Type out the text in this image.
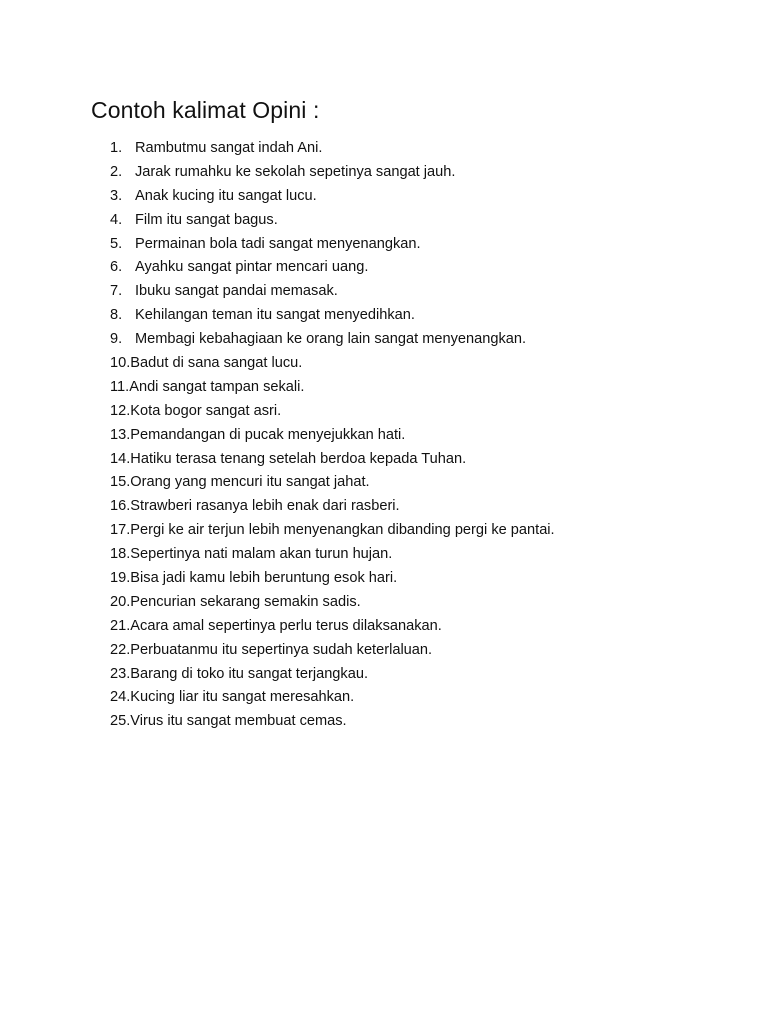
Contoh kalimat Opini :
1. Rambutmu sangat indah Ani.
2. Jarak rumahku ke sekolah sepetinya sangat jauh.
3. Anak kucing itu sangat lucu.
4. Film itu sangat bagus.
5. Permainan bola tadi sangat menyenangkan.
6. Ayahku sangat pintar mencari uang.
7. Ibuku sangat pandai memasak.
8. Kehilangan teman itu sangat menyedihkan.
9. Membagi kebahagiaan ke orang lain sangat menyenangkan.
10. Badut di sana sangat lucu.
11. Andi sangat tampan sekali.
12. Kota bogor sangat asri.
13. Pemandangan di pucak menyejukkan hati.
14. Hatiku terasa tenang setelah berdoa kepada Tuhan.
15. Orang yang mencuri itu sangat jahat.
16. Strawberi rasanya lebih enak dari rasberi.
17. Pergi ke air terjun lebih menyenangkan dibanding pergi ke pantai.
18. Sepertinya nati malam akan turun hujan.
19. Bisa jadi kamu lebih beruntung esok hari.
20. Pencurian sekarang semakin sadis.
21. Acara amal sepertinya perlu terus dilaksanakan.
22. Perbuatanmu itu sepertinya sudah keterlaluan.
23. Barang di toko itu sangat terjangkau.
24. Kucing liar itu sangat meresahkan.
25. Virus itu sangat membuat cemas.
